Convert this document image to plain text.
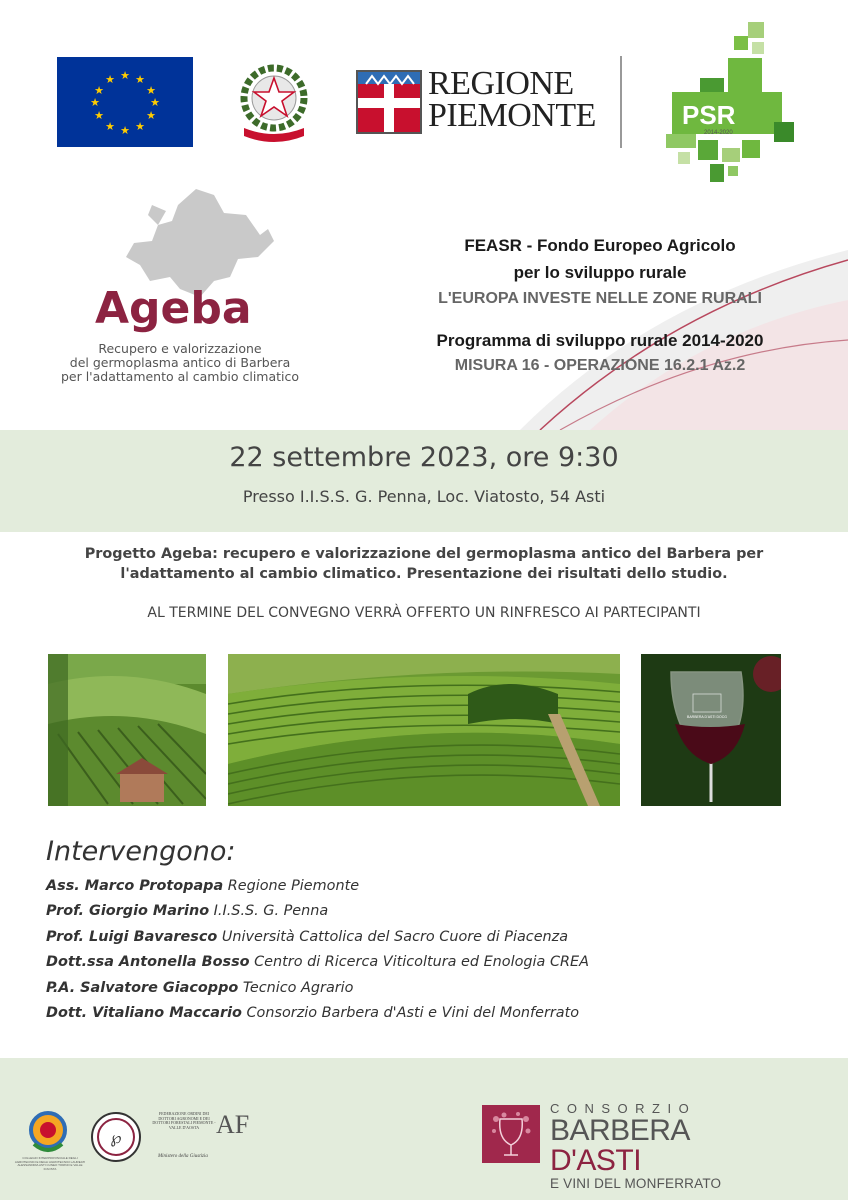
★ ★
★
★
★
★
★
★
★
★
★
★	REGIONE
PIEMONTE	PSR
2014-2020
Ageba
Recupero e valorizzazione
del germoplasma antico di Barbera
per l'adattamento al cambio climatico
FEASR - Fondo Europeo Agricolo
per lo sviluppo rurale
L'EUROPA INVESTE NELLE ZONE RURALI
Programma di sviluppo rurale 2014-2020
MISURA 16 - OPERAZIONE 16.2.1 Az.2
22 settembre 2023, ore 9:30
Presso I.I.S.S. G. Penna, Loc. Viatosto, 54 Asti
Progetto Ageba: recupero e valorizzazione del germoplasma antico del Barbera per
l'adattamento al cambio climatico. Presentazione dei risultati dello studio.
AL TERMINE DEL CONVEGNO VERRÀ OFFERTO UN RINFRESCO AI PARTECIPANTI
BARBERA D'ASTI DOCG
Intervengono:
Ass. Marco Protopapa Regione Piemonte
Prof. Giorgio Marino I.I.S.S. G. Penna
Prof. Luigi Bavaresco Università Cattolica del Sacro Cuore di Piacenza
Dott.ssa Antonella Bosso Centro di Ricerca Viticoltura ed Enologia CREA
P.A. Salvatore Giacoppo Tecnico Agrario
Dott. Vitaliano Maccario Consorzio Barbera d'Asti e Vini del Monferrato
COLLEGIO INTERPROVINCIALE DEGLI AGROTECNICI E DEGLI AGROTECNICI LAUREATI ALESSANDRIA ASTI CUNEO TORINO E VALLE D'AOSTA
℘
FEDERAZIONE ORDINI DEI DOTTORI AGRONOMI E DEI DOTTORI FORESTALI PIEMONTE - VALLE D'AOSTA AF
Ministero della Giustizia
CONSORZIO
BARBERA D'ASTI
E VINI DEL MONFERRATO
